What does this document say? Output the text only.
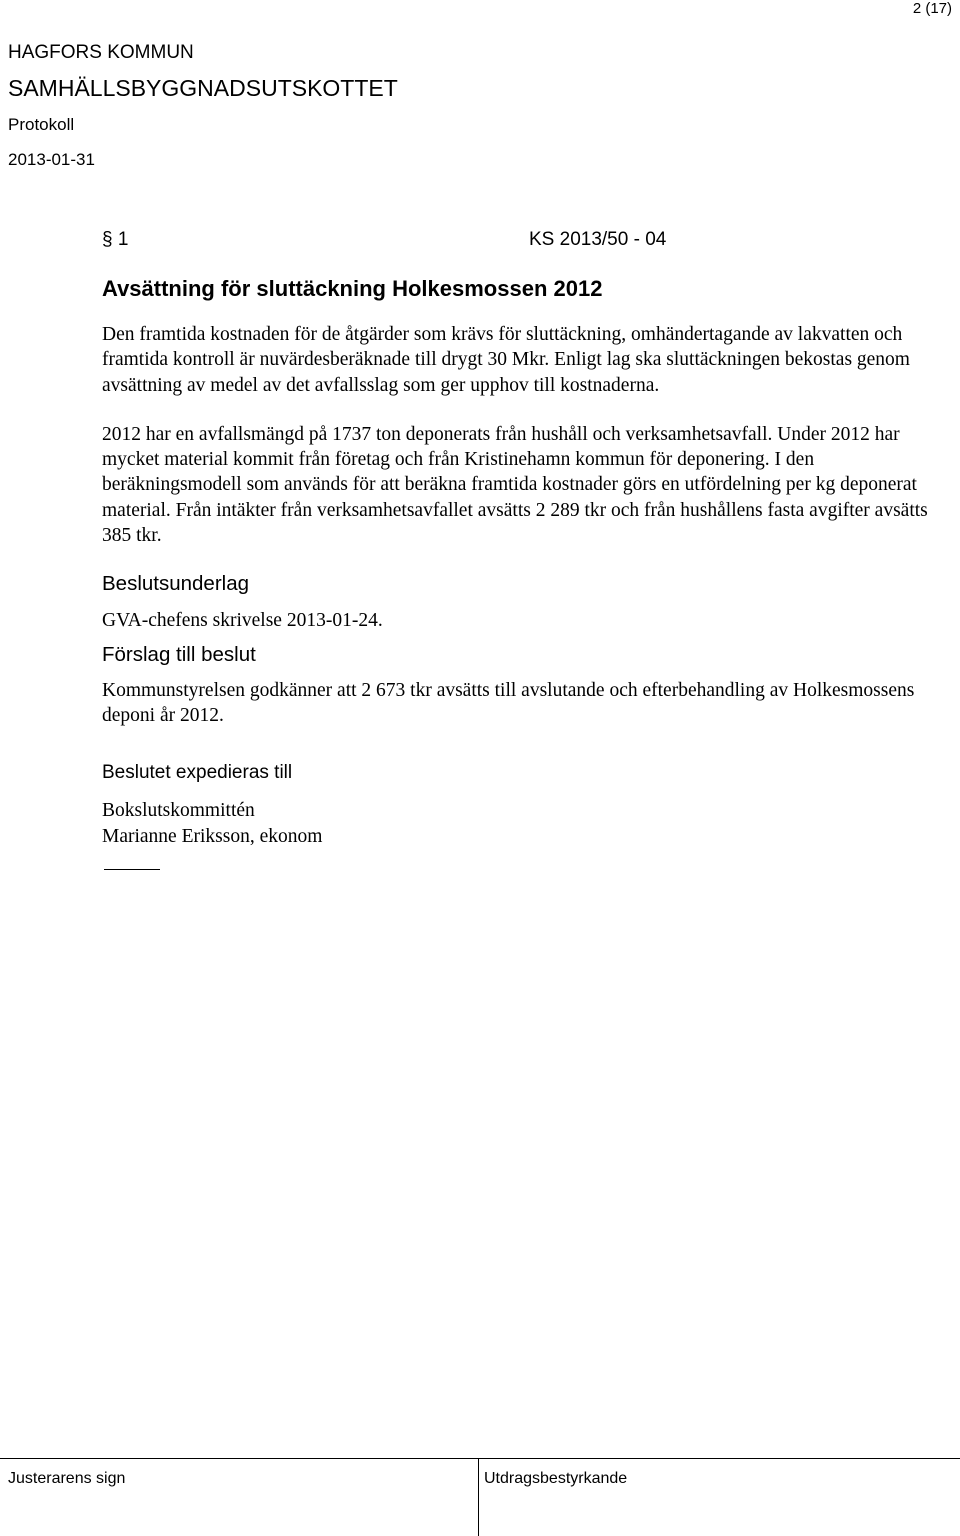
2 (17)
HAGFORS KOMMUN
SAMHÄLLSBYGGNADSUTSKOTTET
Protokoll
2013-01-31
§ 1	KS 2013/50 - 04
Avsättning för sluttäckning Holkesmossen 2012

Den framtida kostnaden för de åtgärder som krävs för sluttäckning, omhändertagande av lakvatten och framtida kontroll är nuvärdesberäknade till drygt 30 Mkr. Enligt lag ska sluttäckningen bekostas genom avsättning av medel av det avfallsslag som ger upphov till kostnaderna.

2012 har en avfallsmängd på 1737 ton deponerats från hushåll och verksamhetsavfall. Under 2012 har mycket material kommit från företag och från Kristinehamn kommun för deponering. I den beräkningsmodell som används för att beräkna framtida kostnader görs en utfördelning per kg deponerat material. Från intäkter från verksamhetsavfallet avsätts 2 289 tkr och från hushållens fasta avgifter avsätts 385 tkr.

Beslutsunderlag

GVA-chefens skrivelse 2013-01-24.

Förslag till beslut

Kommunstyrelsen godkänner att 2 673 tkr avsätts till avslutande och efterbehandling av Holkesmossens deponi år 2012.

Beslutet expedieras till

Bokslutskommittén

Marianne Eriksson, ekonom

Justerarens sign	Utdragsbestyrkande
